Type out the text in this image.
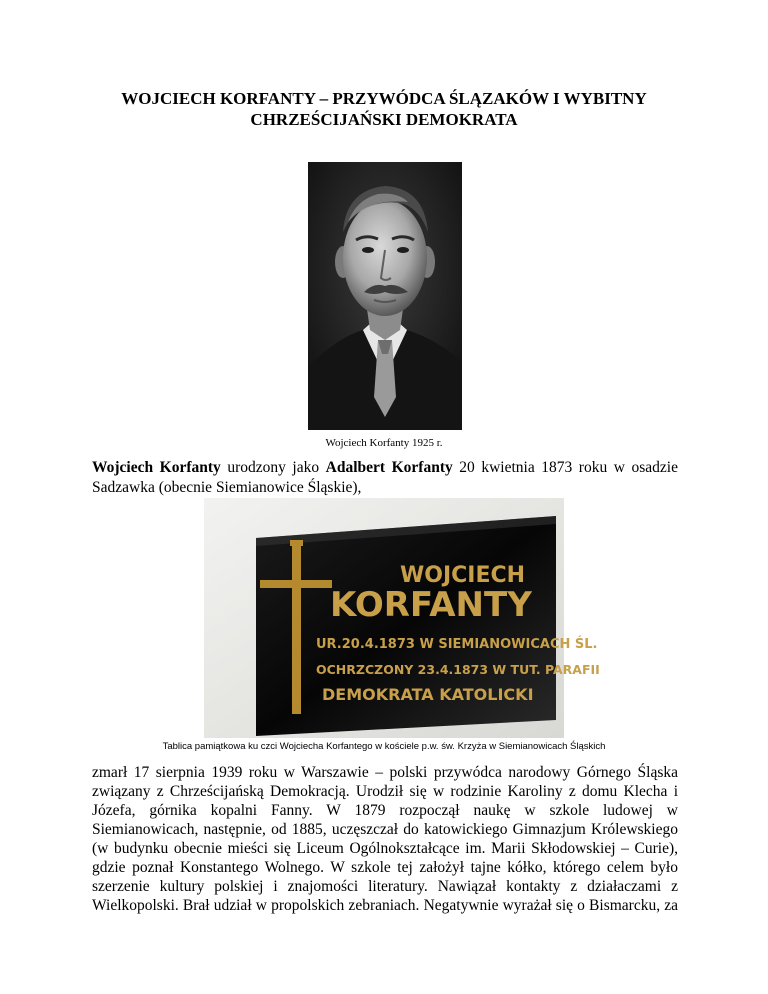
WOJCIECH KORFANTY – PRZYWÓDCA ŚLĄZAKÓW I WYBITNY CHRZEŚCIJAŃSKI DEMOKRATA
Wojciech Korfanty 1925 r.

Wojciech Korfanty urodzony jako Adalbert Korfanty 20 kwietnia 1873 roku w osadzie Sadzawka (obecnie Siemianowice Śląskie),

WOJCIECH
KORFANTY
UR.20.4.1873 W SIEMIANOWICACH ŚL.
OCHRZCZONY 23.4.1873 W TUT. PARAFII
DEMOKRATA KATOLICKI
Tablica pamiątkowa ku czci Wojciecha Korfantego w kościele p.w. św. Krzyża w Siemianowicach Śląskich

zmarł 17 sierpnia 1939 roku w Warszawie – polski przywódca narodowy Górnego Śląska
związany z Chrześcijańską Demokracją. Urodził się w rodzinie Karoliny z domu Klecha i
Józefa, górnika kopalni Fanny. W 1879 rozpoczął naukę w szkole ludowej w
Siemianowicach, następnie, od 1885, uczęszczał do katowickiego Gimnazjum Królewskiego
(w budynku obecnie mieści się Liceum Ogólnokształcące im. Marii Skłodowskiej – Curie),
gdzie poznał Konstantego Wolnego. W szkole tej założył tajne kółko, którego celem było
szerzenie kultury polskiej i znajomości literatury. Nawiązał kontakty z działaczami z
Wielkopolski. Brał udział w propolskich zebraniach. Negatywnie wyrażał się o Bismarcku, za
